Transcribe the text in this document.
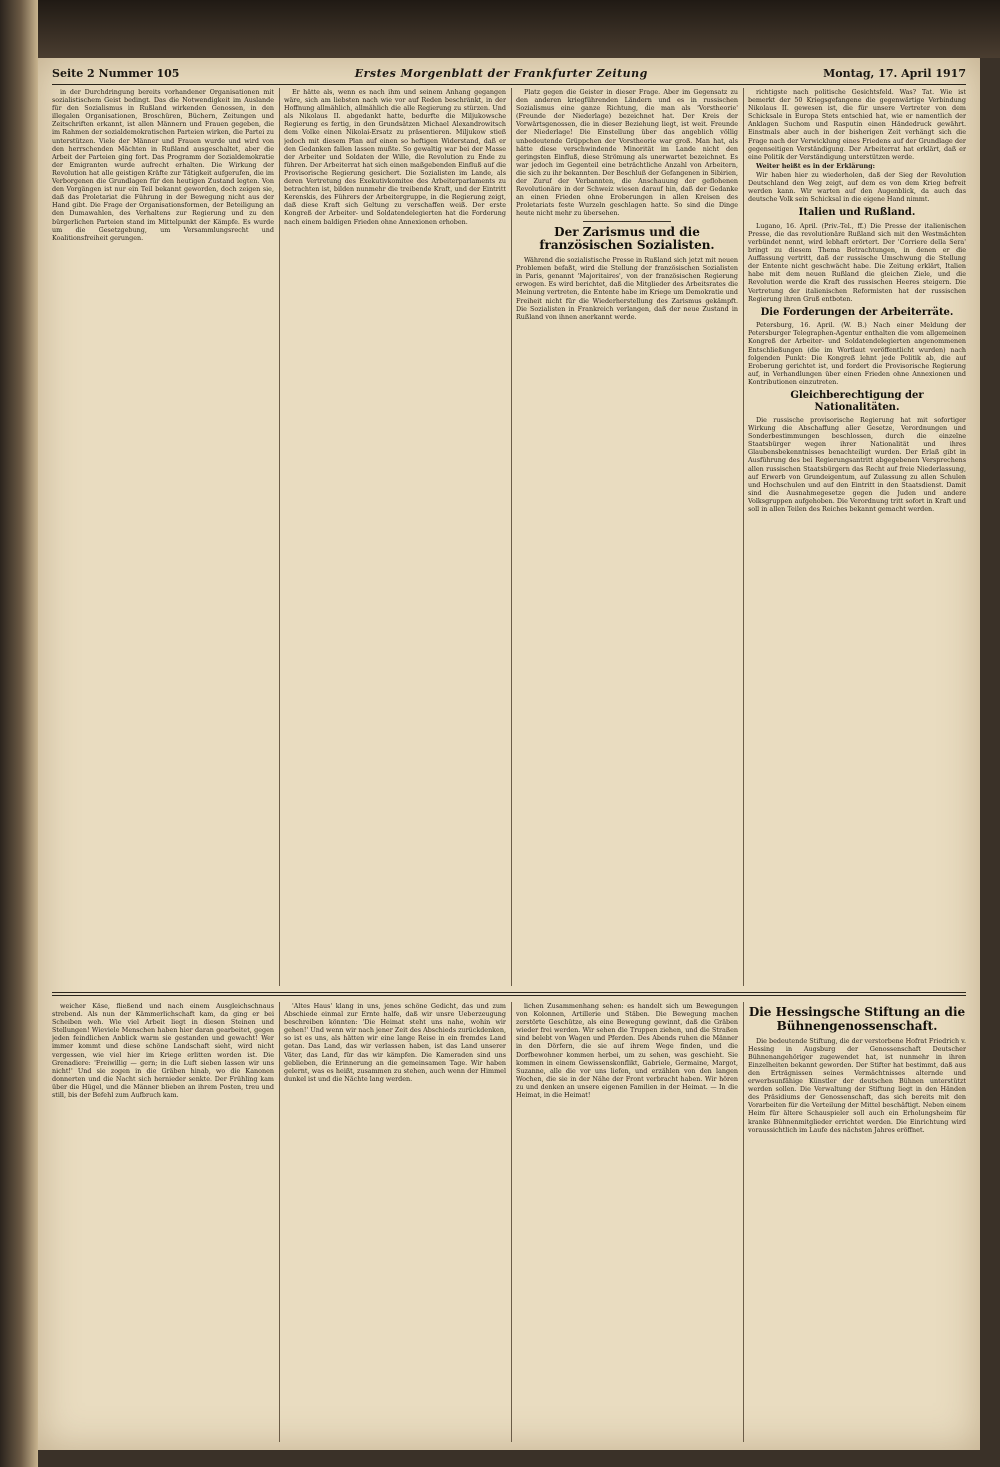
Seite 2 Nummer 105	Erstes Morgenblatt der Frankfurter Zeitung	Montag, 17. April 1917

in der Durchdringung bereits vorhandener Organisationen mit sozialistischem Geist bedingt. Das die Notwendigkeit im Auslande für den Sozialismus in Rußland wirkenden Genossen, in den illegalen Organisationen, Broschüren, Büchern, Zeitungen und Zeitschriften erkannt, ist allen Männern und Frauen gegeben, die im Rahmen der sozialdemokratischen Parteien wirken, die Partei zu unterstützen. Viele der Männer und Frauen wurde und wird von den herrschenden Mächten in Rußland ausgeschaltet, aber die Arbeit der Parteien ging fort. Das Programm der Sozialdemokratie der Emigranten wurde aufrecht erhalten. Die Wirkung der Revolution hat alle geistigen Kräfte zur Tätigkeit aufgerufen, die im Verborgenen die Grundlagen für den heutigen Zustand legten. Von den Vorgängen ist nur ein Teil bekannt geworden, doch zeigen sie, daß das Proletariat die Führung in der Bewegung nicht aus der Hand gibt. Die Frage der Organisationsformen, der Beteiligung an den Dumawahlen, des Verhaltens zur Regierung und zu den bürgerlichen Parteien stand im Mittelpunkt der Kämpfe. Es wurde um die Gesetzgebung, um Versammlungsrecht und Koalitionsfreiheit gerungen.

Er hätte als, wenn es nach ihm und seinem Anhang gegangen wäre, sich am liebsten nach wie vor auf Reden beschränkt, in der Hoffnung allmählich, allmählich die alle Regierung zu stürzen. Und als Nikolaus II. abgedankt hatte, bedurfte die Miljukowsche Regierung es fertig, in den Grundsätzen Michael Alexandrowitsch dem Volke einen Nikolai-Ersatz zu präsentieren. Miljukow stieß jedoch mit diesem Plan auf einen so heftigen Widerstand, daß er den Gedanken fallen lassen mußte. So gewaltig war bei der Masse der Arbeiter und Soldaten der Wille, die Revolution zu Ende zu führen. Der Arbeiterrat hat sich einen maßgebenden Einfluß auf die Provisorische Regierung gesichert. Die Sozialisten im Lande, als deren Vertretung des Exekutivkomitee des Arbeiterparlaments zu betrachten ist, bilden nunmehr die treibende Kraft, und der Eintritt Kerenskis, des Führers der Arbeitergruppe, in die Regierung zeigt, daß diese Kraft sich Geltung zu verschaffen weiß. Der erste Kongreß der Arbeiter- und Soldatendelegierten hat die Forderung nach einem baldigen Frieden ohne Annexionen erhoben.

Platz gegen die Geister in dieser Frage. Aber im Gegensatz zu den anderen kriegführenden Ländern und es in russischen Sozialismus eine ganze Richtung, die man als 'Vorstheorie' (Freunde der Niederlage) bezeichnet hat. Der Kreis der Vorwärtsgenossen, die in dieser Beziehung liegt, ist weit. Freunde der Niederlage! Die Einstellung über das angeblich völlig unbedeutende Grüppchen der Vorstheorie war groß. Man hat, als hätte diese verschwindende Minorität im Lande nicht den geringsten Einfluß, diese Strömung als unerwartet bezeichnet. Es war jedoch im Gegenteil eine beträchtliche Anzahl von Arbeitern, die sich zu ihr bekannten. Der Beschluß der Gefangenen in Sibirien, der Zuruf der Verbannten, die Anschauung der geflohenen Revolutionäre in der Schweiz wiesen darauf hin, daß der Gedanke an einen Frieden ohne Eroberungen in allen Kreisen des Proletariats feste Wurzeln geschlagen hatte. So sind die Dinge heute nicht mehr zu übersehen.

Der Zarismus und die französischen Sozialisten.

Während die sozialistische Presse in Rußland sich jetzt mit neuen Problemen befaßt, wird die Stellung der französischen Sozialisten in Paris, genannt 'Majoritaires', von der französischen Regierung erwogen. Es wird berichtet, daß die Mitglieder des Arbeitsrates die Meinung vertreten, die Entente habe im Kriege um Demokratie und Freiheit nicht für die Wiederherstellung des Zarismus gekämpft. Die Sozialisten in Frankreich verlangen, daß der neue Zustand in Rußland von ihnen anerkannt werde.

richtigste nach politische Gesichtsfeld. Was? Tat. Wie ist bemerkt der 50 Kriegsgefangene die gegenwärtige Verbindung Nikolaus II. gewesen ist, die für unsere Vertreter von dem Schicksale in Europa Stets entschied hat, wie er namentlich der Anklagen Suchom und Rasputin einen Händedruck gewährt. Einstmals aber auch in der bisherigen Zeit verhängt sich die Frage nach der Verwicklung eines Friedens auf der Grundlage der gegenseitigen Verständigung. Der Arbeiterrat hat erklärt, daß er eine Politik der Verständigung unterstützen werde.

Weiter heißt es in der Erklärung:

Wir haben hier zu wiederholen, daß der Sieg der Revolution Deutschland den Weg zeigt, auf dem es von dem Krieg befreit werden kann. Wir warten auf den Augenblick, da auch das deutsche Volk sein Schicksal in die eigene Hand nimmt.

Italien und Rußland.

Lugano, 16. April. (Priv.-Tel., ff.) Die Presse der italienischen Presse, die das revolutionäre Rußland sich mit den Westmächten verbündet nennt, wird lebhaft erörtert. Der 'Corriere della Sera' bringt zu diesem Thema Betrachtungen, in denen er die Auffassung vertritt, daß der russische Umschwung die Stellung der Entente nicht geschwächt habe. Die Zeitung erklärt, Italien habe mit dem neuen Rußland die gleichen Ziele, und die Revolution werde die Kraft des russischen Heeres steigern. Die Vertretung der italienischen Reformisten hat der russischen Regierung ihren Gruß entboten.

Die Forderungen der Arbeiterräte.

Petersburg, 16. April. (W. B.) Nach einer Meldung der Petersburger Telegraphen-Agentur enthalten die vom allgemeinen Kongreß der Arbeiter- und Soldatendelegierten angenommenen Entschließungen (die im Wortlaut veröffentlicht wurden) nach folgenden Punkt: Die Kongreß lehnt jede Politik ab, die auf Eroberung gerichtet ist, und fordert die Provisorische Regierung auf, in Verhandlungen über einen Frieden ohne Annexionen und Kontributionen einzutreten.

Gleichberechtigung der Nationalitäten.

Die russische provisorische Regierung hat mit sofortiger Wirkung die Abschaffung aller Gesetze, Verordnungen und Sonderbestimmungen beschlossen, durch die einzelne Staatsbürger wegen ihrer Nationalität und ihres Glaubensbekenntnisses benachteiligt wurden. Der Erlaß gibt in Ausführung des bei Regierungsantritt abgegebenen Versprechens allen russischen Staatsbürgern das Recht auf freie Niederlassung, auf Erwerb von Grundeigentum, auf Zulassung zu allen Schulen und Hochschulen und auf den Eintritt in den Staatsdienst. Damit sind die Ausnahmegesetze gegen die Juden und andere Volksgruppen aufgehoben. Die Verordnung tritt sofort in Kraft und soll in allen Teilen des Reiches bekannt gemacht werden.

weicher Käse, fließend und nach einem Ausgleichschnaus strebend. Als nun der Kämmerlichschaft kam, da ging er bei Scheiben weh. Wie viel Arbeit liegt in diesen Steinen und Stellungen! Wieviele Menschen haben hier daran gearbeitet, gegen jeden feindlichen Anblick warm sie gestanden und gewacht! Wer immer kommt und diese schöne Landschaft sieht, wird nicht vergessen, wie viel hier im Kriege erlitten worden ist. Die Grenadiere: 'Freiwillig — gern; in die Luft sieben lassen wir uns nicht!' Und sie zogen in die Gräben hinab, wo die Kanonen donnerten und die Nacht sich hernieder senkte. Der Frühling kam über die Hügel, und die Männer blieben an ihrem Posten, treu und still, bis der Befehl zum Aufbruch kam.

'Altes Haus' klang in uns, jenes schöne Gedicht, das und zum Abschiede einmal zur Ernte halfe, daß wir unsre Ueberzeugung beschreiben könnten: 'Die Heimat steht uns nahe, wohin wir gehen!' Und wenn wir nach jener Zeit des Abschieds zurückdenken, so ist es uns, als hätten wir eine lange Reise in ein fremdes Land getan. Das Land, das wir verlassen haben, ist das Land unserer Väter, das Land, für das wir kämpfen. Die Kameraden sind uns geblieben, die Erinnerung an die gemeinsamen Tage. Wir haben gelernt, was es heißt, zusammen zu stehen, auch wenn der Himmel dunkel ist und die Nächte lang werden.

lichen Zusammenhang sehen: es handelt sich um Bewegungen von Kolonnen, Artillerie und Stäben. Die Bewegung machen zerstörte Geschütze, als eine Bewegung gewinnt, daß die Gräben wieder frei werden. Wir sehen die Truppen ziehen, und die Straßen sind belebt von Wagen und Pferden. Des Abends ruhen die Männer in den Dörfern, die sie auf ihrem Wege finden, und die Dorfbewohner kommen herbei, um zu sehen, was geschieht. Sie kommen in einem Gewissenskonflikt, Gabriele, Germaine, Margot, Suzanne, alle die vor uns liefen, und erzählen von den langen Wochen, die sie in der Nähe der Front verbracht haben. Wir hören zu und denken an unsere eigenen Familien in der Heimat. — In die Heimat, in die Heimat!

Die Hessingsche Stiftung an die Bühnengenossenschaft.

Die bedeutende Stiftung, die der verstorbene Hofrat Friedrich v. Hessing in Augsburg der Genossenschaft Deutscher Bühnenangehöriger zugewendet hat, ist nunmehr in ihren Einzelheiten bekannt geworden. Der Stifter hat bestimmt, daß aus den Erträgnissen seines Vermächtnisses alternde und erwerbsunfähige Künstler der deutschen Bühnen unterstützt werden sollen. Die Verwaltung der Stiftung liegt in den Händen des Präsidiums der Genossenschaft, das sich bereits mit den Vorarbeiten für die Verteilung der Mittel beschäftigt. Neben einem Heim für ältere Schauspieler soll auch ein Erholungsheim für kranke Bühnenmitglieder errichtet werden. Die Einrichtung wird voraussichtlich im Laufe des nächsten Jahres eröffnet.
